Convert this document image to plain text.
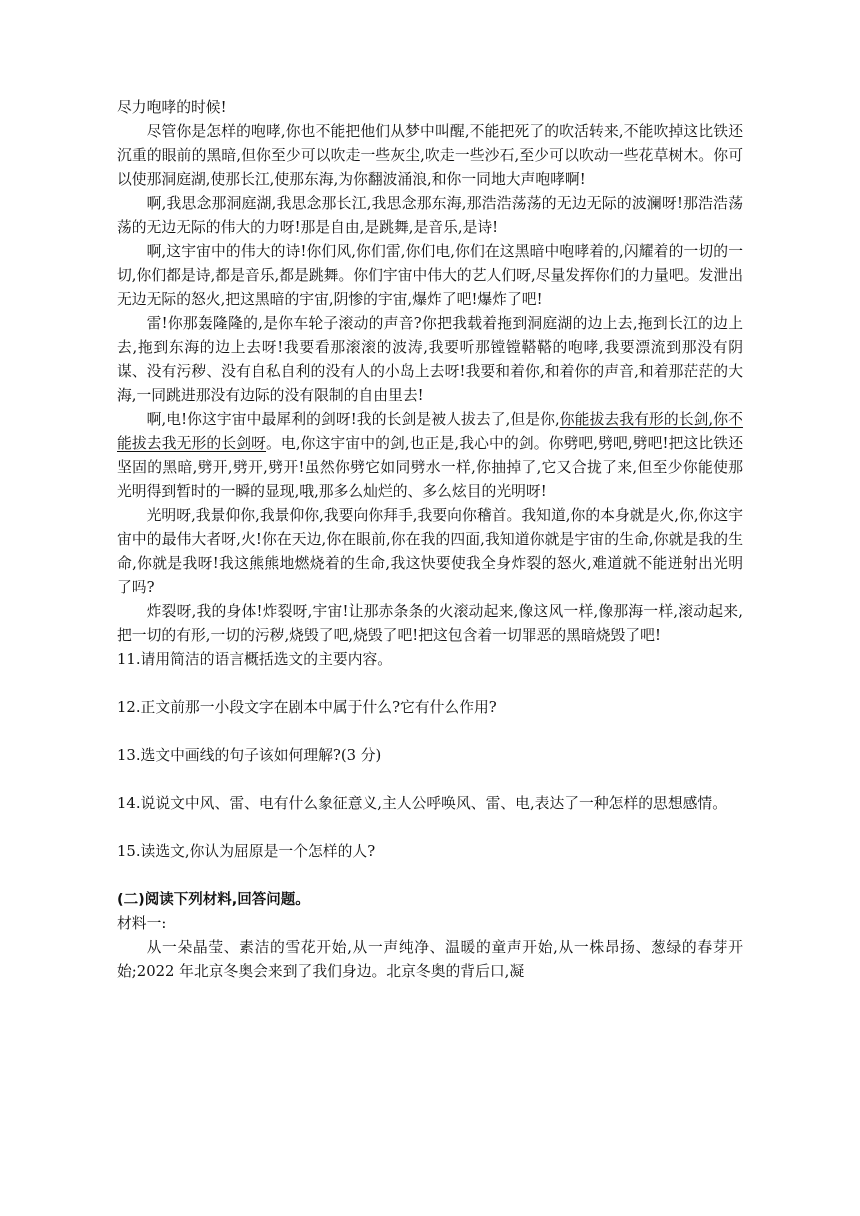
尽力咆哮的时候!

尽管你是怎样的咆哮,你也不能把他们从梦中叫醒,不能把死了的吹活转来,不能吹掉这比铁还沉重的眼前的黑暗,但你至少可以吹走一些灰尘,吹走一些沙石,至少可以吹动一些花草树木。你可以使那洞庭湖,使那长江,使那东海,为你翻波涌浪,和你一同地大声咆哮啊!

啊,我思念那洞庭湖,我思念那长江,我思念那东海,那浩浩荡荡的无边无际的波澜呀!那浩浩荡荡的无边无际的伟大的力呀!那是自由,是跳舞,是音乐,是诗!

啊,这宇宙中的伟大的诗!你们风,你们雷,你们电,你们在这黑暗中咆哮着的,闪耀着的一切的一切,你们都是诗,都是音乐,都是跳舞。你们宇宙中伟大的艺人们呀,尽量发挥你们的力量吧。发泄出无边无际的怒火,把这黑暗的宇宙,阴惨的宇宙,爆炸了吧!爆炸了吧!

雷!你那轰隆隆的,是你车轮子滚动的声音?你把我载着拖到洞庭湖的边上去,拖到长江的边上去,拖到东海的边上去呀!我要看那滚滚的波涛,我要听那镗镗鞳鞳的咆哮,我要漂流到那没有阴谋、没有污秽、没有自私自利的没有人的小岛上去呀!我要和着你,和着你的声音,和着那茫茫的大海,一同跳进那没有边际的没有限制的自由里去!

啊,电!你这宇宙中最犀利的剑呀!我的长剑是被人拔去了,但是你,你能拔去我有形的长剑,你不能拔去我无形的长剑呀。电,你这宇宙中的剑,也正是,我心中的剑。你劈吧,劈吧,劈吧!把这比铁还坚固的黑暗,劈开,劈开,劈开!虽然你劈它如同劈水一样,你抽掉了,它又合拢了来,但至少你能使那光明得到暂时的一瞬的显现,哦,那多么灿烂的、多么炫目的光明呀!

光明呀,我景仰你,我景仰你,我要向你拜手,我要向你稽首。我知道,你的本身就是火,你,你这宇宙中的最伟大者呀,火!你在天边,你在眼前,你在我的四面,我知道你就是宇宙的生命,你就是我的生命,你就是我呀!我这熊熊地燃烧着的生命,我这快要使我全身炸裂的怒火,难道就不能迸射出光明了吗?

炸裂呀,我的身体!炸裂呀,宇宙!让那赤条条的火滚动起来,像这风一样,像那海一样,滚动起来,把一切的有形,一切的污秽,烧毁了吧,烧毁了吧!把这包含着一切罪恶的黑暗烧毁了吧!

11.请用简洁的语言概括选文的主要内容。

12.正文前那一小段文字在剧本中属于什么?它有什么作用?

13.选文中画线的句子该如何理解?(3 分)

14.说说文中风、雷、电有什么象征意义,主人公呼唤风、雷、电,表达了一种怎样的思想感情。

15.读选文,你认为屈原是一个怎样的人?

(二)阅读下列材料,回答问题。

材料一:

从一朵晶莹、素洁的雪花开始,从一声纯净、温暖的童声开始,从一株昂扬、葱绿的春芽开始;2022 年北京冬奥会来到了我们身边。北京冬奥的背后口,凝
